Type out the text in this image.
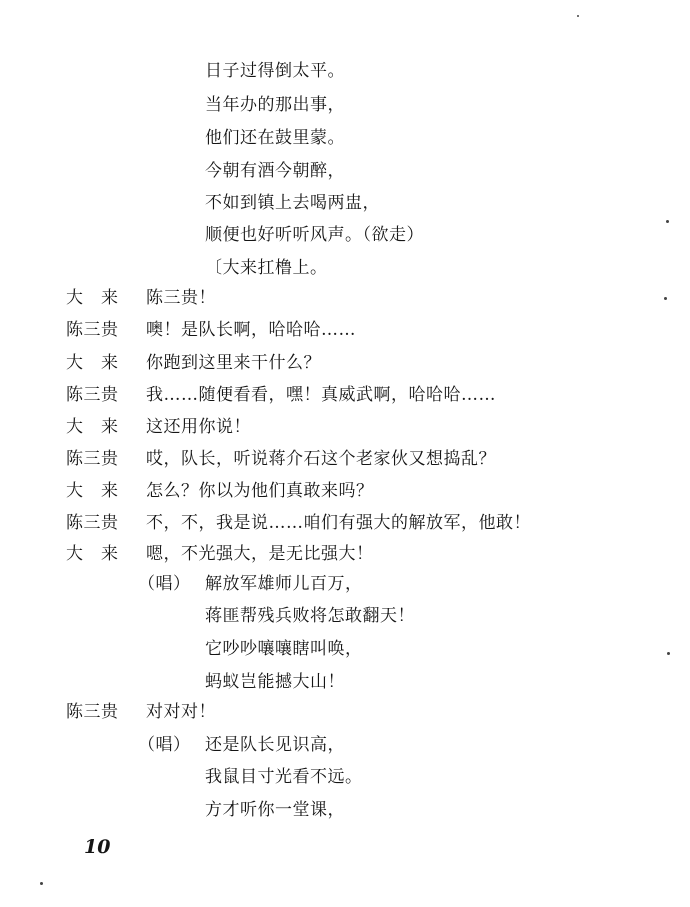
日子过得倒太平。
当年办的那出事，
他们还在鼓里蒙。
今朝有酒今朝醉，
不如到镇上去喝两盅，
顺便也好听听风声。（欲走）
〔大来扛橹上。
大　来 陈三贵！
陈三贵 噢！是队长啊，哈哈哈……
大　来 你跑到这里来干什么？
陈三贵 我……随便看看，嘿！真威武啊，哈哈哈……
大　来 这还用你说！
陈三贵 哎，队长，听说蒋介石这个老家伙又想捣乱？
大　来 怎么？你以为他们真敢来吗？
陈三贵 不，不，我是说……咱们有强大的解放军，他敢！
大　来 嗯，不光强大，是无比强大！
（唱） 解放军雄师儿百万，
蒋匪帮残兵败将怎敢翻天！
它吵吵嚷嚷瞎叫唤，
蚂蚁岂能撼大山！
陈三贵 对对对！
（唱） 还是队长见识高，
我鼠目寸光看不远。
方才听你一堂课，
10
